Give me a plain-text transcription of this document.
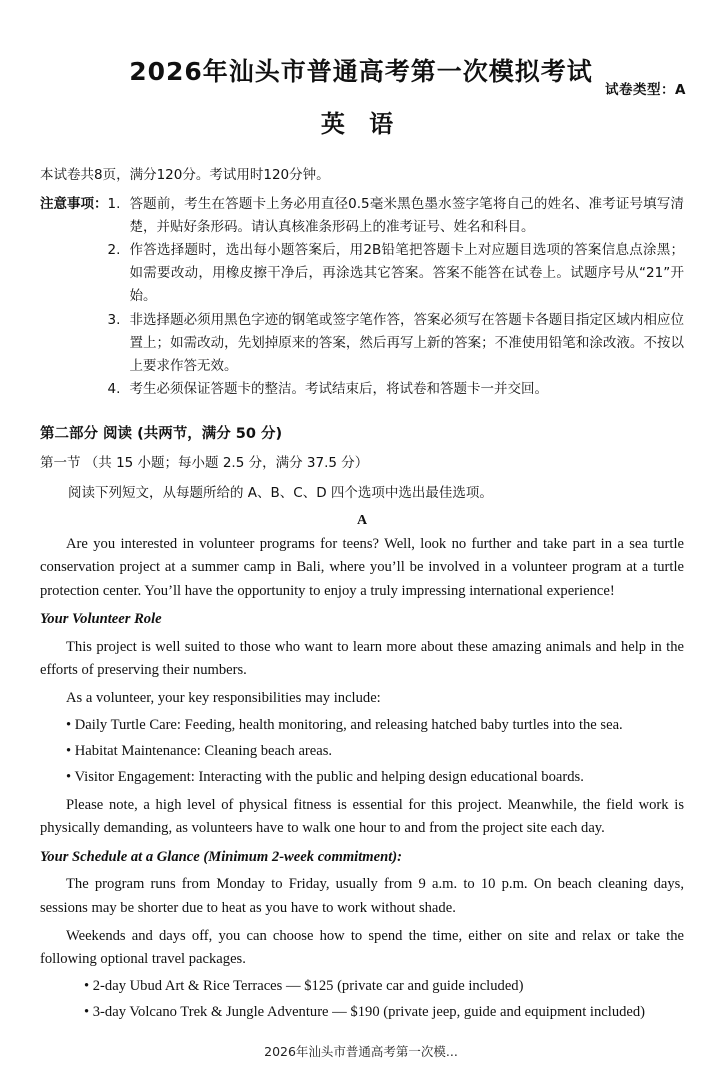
试卷类型：A
2026年汕头市普通高考第一次模拟考试
英 语
本试卷共8页，满分120分。考试用时120分钟。
注意事项： 1. 答题前，考生在答题卡上务必用直径0.5毫米黑色墨水签字笔将自己的姓名、准考证号填写清楚，并贴好条形码。请认真核准条形码上的准考证号、姓名和科目。
2. 作答选择题时，选出每小题答案后，用2B铅笔把答题卡上对应题目选项的答案信息点涂黑；如需要改动，用橡皮擦干净后，再涂选其它答案。答案不能答在试卷上。试题序号从“21”开始。
3. 非选择题必须用黑色字迹的钢笔或签字笔作答，答案必须写在答题卡各题目指定区域内相应位置上；如需改动，先划掉原来的答案，然后再写上新的答案；不准使用铅笔和涂改液。不按以上要求作答无效。
4. 考生必须保证答题卡的整洁。考试结束后，将试卷和答题卡一并交回。
第二部分 阅读 (共两节，满分 50 分)
第一节 （共 15 小题；每小题 2.5 分，满分 37.5 分）
阅读下列短文，从每题所给的 A、B、C、D 四个选项中选出最佳选项。
A
Are you interested in volunteer programs for teens? Well, look no further and take part in a sea turtle conservation project at a summer camp in Bali, where you’ll be involved in a volunteer program at a turtle protection center. You’ll have the opportunity to enjoy a truly impressing international experience!
Your Volunteer Role
This project is well suited to those who want to learn more about these amazing animals and help in the efforts of preserving their numbers.
As a volunteer, your key responsibilities may include:
• Daily Turtle Care: Feeding, health monitoring, and releasing hatched baby turtles into the sea.
• Habitat Maintenance: Cleaning beach areas.
• Visitor Engagement: Interacting with the public and helping design educational boards.
Please note, a high level of physical fitness is essential for this project. Meanwhile, the field work is physically demanding, as volunteers have to walk one hour to and from the project site each day.
Your Schedule at a Glance (Minimum 2-week commitment):
The program runs from Monday to Friday, usually from 9 a.m. to 10 p.m. On beach cleaning days, sessions may be shorter due to heat as you have to work without shade.
Weekends and days off, you can choose how to spend the time, either on site and relax or take the following optional travel packages.
• 2-day Ubud Art & Rice Terraces — $125 (private car and guide included)
• 3-day Volcano Trek & Jungle Adventure — $190 (private jeep, guide and equipment included)
2026年汕头市普通高考第一次模...
